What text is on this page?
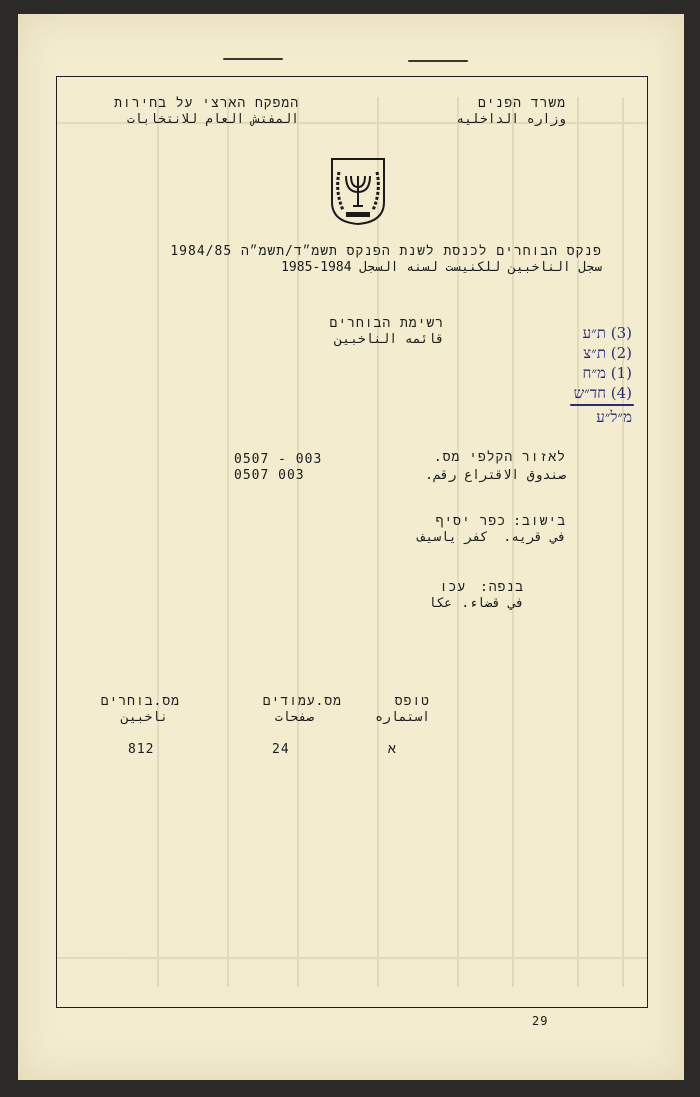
משרד הפנים
وزاره الداخليه
המפקח הארצי על בחירות
المفتش العام للانتخابات
פנקס הבוחרים לכנסת לשנת הפנקס תשמ״ד/תשמ״ה 1984/85
سجل الناخبين للكنيست لسنه السجل 1984-1985
רשימת הבוחרים
قائمه الناخبين
לאזור הקלפי מס.
0507 - 003
صندوق الاقتراع رقم.
0507 003
בישוב:
כפר יסיף
في قريه.
كفر ياسيف
בנפה:
עכו
في قضاء.
عكا
טופס
استماره
מס.עמודים
صفحات
מס.בוחרים
ناخبين
א
24
812
(3) ת״ע
(2) ת״צ
(1) מ״ח
(4) חד״ש
מ״ל״ע
29
